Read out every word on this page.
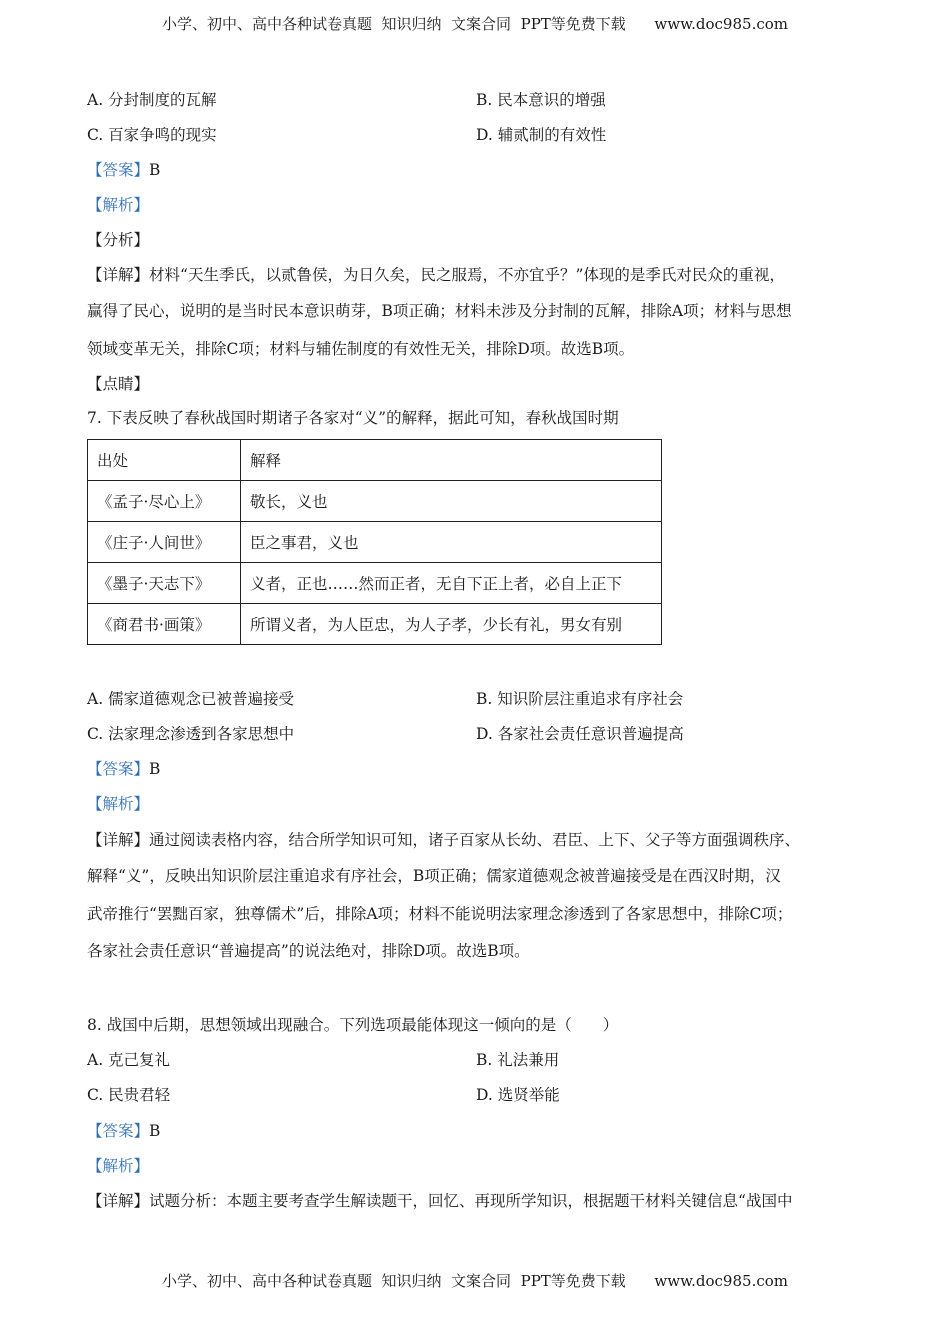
小学、初中、高中各种试卷真题  知识归纳  文案合同  PPT等免费下载      www.doc985.com
A. 分封制度的瓦解	B. 民本意识的增强
C. 百家争鸣的现实	D. 辅贰制的有效性
【答案】B
【解析】
【分析】
【详解】材料“天生季氏，以贰鲁侯，为日久矣，民之服焉，不亦宜乎？”体现的是季氏对民众的重视，
赢得了民心，说明的是当时民本意识萌芽，B项正确；材料未涉及分封制的瓦解，排除A项；材料与思想
领域变革无关，排除C项；材料与辅佐制度的有效性无关，排除D项。故选B项。
【点睛】
7. 下表反映了春秋战国时期诸子各家对“义”的解释，据此可知，春秋战国时期
出处	解释
《孟子·尽心上》	敬长，义也
《庄子·人间世》	臣之事君，义也
《墨子·天志下》	义者，正也……然而正者，无自下正上者，必自上正下
《商君书·画策》	所谓义者，为人臣忠，为人子孝，少长有礼，男女有别
A. 儒家道德观念已被普遍接受	B. 知识阶层注重追求有序社会
C. 法家理念渗透到各家思想中	D. 各家社会责任意识普遍提高
【答案】B
【解析】
【详解】通过阅读表格内容，结合所学知识可知，诸子百家从长幼、君臣、上下、父子等方面强调秩序、
解释“义”，反映出知识阶层注重追求有序社会，B项正确；儒家道德观念被普遍接受是在西汉时期，汉
武帝推行“罢黜百家，独尊儒术”后，排除A项；材料不能说明法家理念渗透到了各家思想中，排除C项；
各家社会责任意识“普遍提高”的说法绝对，排除D项。故选B项。
8. 战国中后期，思想领域出现融合。下列选项最能体现这一倾向的是（　　）
A. 克己复礼	B. 礼法兼用
C. 民贵君轻	D. 选贤举能
【答案】B
【解析】
【详解】试题分析：本题主要考查学生解读题干，回忆、再现所学知识，根据题干材料关键信息“战国中
小学、初中、高中各种试卷真题  知识归纳  文案合同  PPT等免费下载      www.doc985.com
